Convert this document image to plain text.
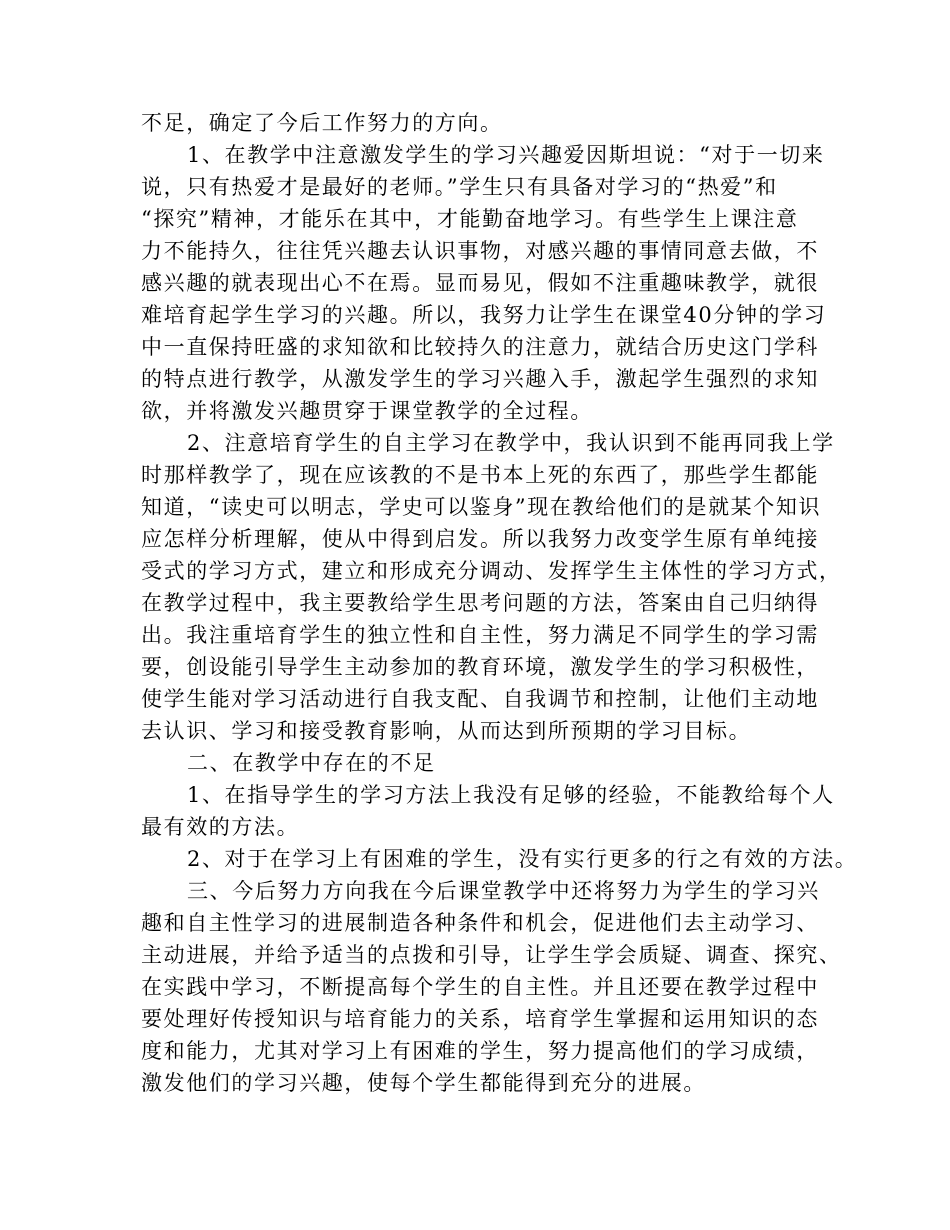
不足，确定了今后工作努力的方向。
1、在教学中注意激发学生的学习兴趣爱因斯坦说：“对于一切来
说，只有热爱才是最好的老师。”学生只有具备对学习的“热爱”和
“探究”精神，才能乐在其中，才能勤奋地学习。有些学生上课注意
力不能持久，往往凭兴趣去认识事物，对感兴趣的事情同意去做，不
感兴趣的就表现出心不在焉。显而易见，假如不注重趣味教学，就很
难培育起学生学习的兴趣。所以，我努力让学生在课堂40分钟的学习
中一直保持旺盛的求知欲和比较持久的注意力，就结合历史这门学科
的特点进行教学，从激发学生的学习兴趣入手，激起学生强烈的求知
欲，并将激发兴趣贯穿于课堂教学的全过程。
2、注意培育学生的自主学习在教学中，我认识到不能再同我上学
时那样教学了，现在应该教的不是书本上死的东西了，那些学生都能
知道，“读史可以明志，学史可以鉴身”现在教给他们的是就某个知识
应怎样分析理解，使从中得到启发。所以我努力改变学生原有单纯接
受式的学习方式，建立和形成充分调动、发挥学生主体性的学习方式，
在教学过程中，我主要教给学生思考问题的方法，答案由自己归纳得
出。我注重培育学生的独立性和自主性，努力满足不同学生的学习需
要，创设能引导学生主动参加的教育环境，激发学生的学习积极性，
使学生能对学习活动进行自我支配、自我调节和控制，让他们主动地
去认识、学习和接受教育影响，从而达到所预期的学习目标。
二、在教学中存在的不足
1、在指导学生的学习方法上我没有足够的经验，不能教给每个人
最有效的方法。
2、对于在学习上有困难的学生，没有实行更多的行之有效的方法。
三、今后努力方向我在今后课堂教学中还将努力为学生的学习兴
趣和自主性学习的进展制造各种条件和机会，促进他们去主动学习、
主动进展，并给予适当的点拨和引导，让学生学会质疑、调查、探究、
在实践中学习，不断提高每个学生的自主性。并且还要在教学过程中
要处理好传授知识与培育能力的关系，培育学生掌握和运用知识的态
度和能力，尤其对学习上有困难的学生，努力提高他们的学习成绩，
激发他们的学习兴趣，使每个学生都能得到充分的进展。
